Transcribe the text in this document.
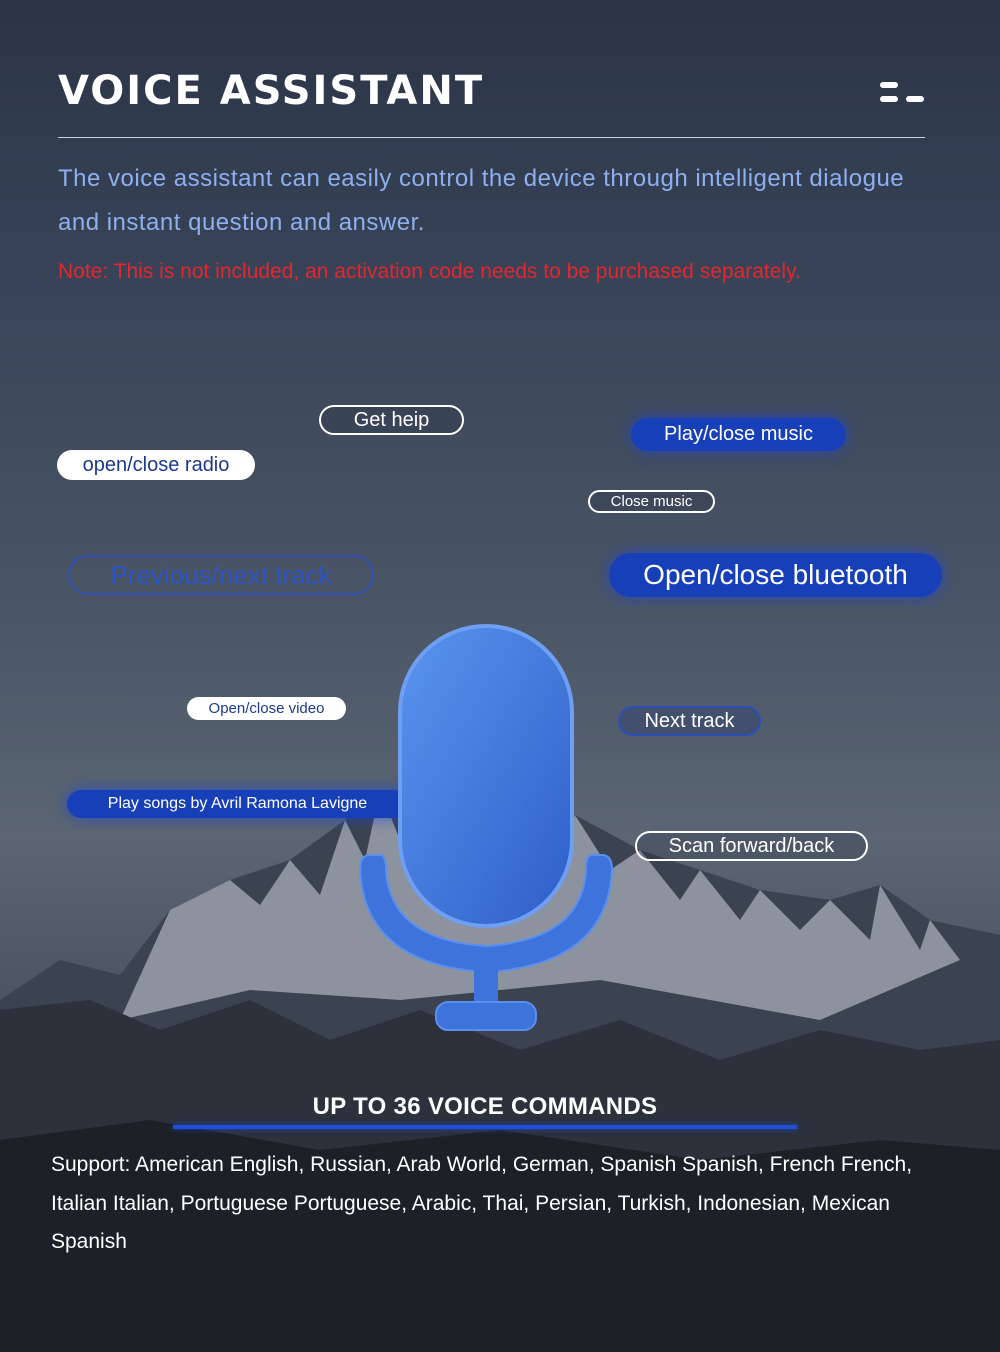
VOICE ASSISTANT

The voice assistant can easily control the device through intelligent dialogue and instant question and answer.

Note: This is not included, an activation code needs to be purchased separately.

Get heip
Play/close music
open/close radio
Close music
Previous/next track	Open/close bluetooth
Open/close video
Next track
Play songs by Avril Ramona Lavigne
Scan forward/back
UP TO 36 VOICE COMMANDS

Support: American English, Russian, Arab World, German, Spanish Spanish, French French, Italian Italian, Portuguese Portuguese, Arabic, Thai, Persian, Turkish, Indonesian, Mexican Spanish
